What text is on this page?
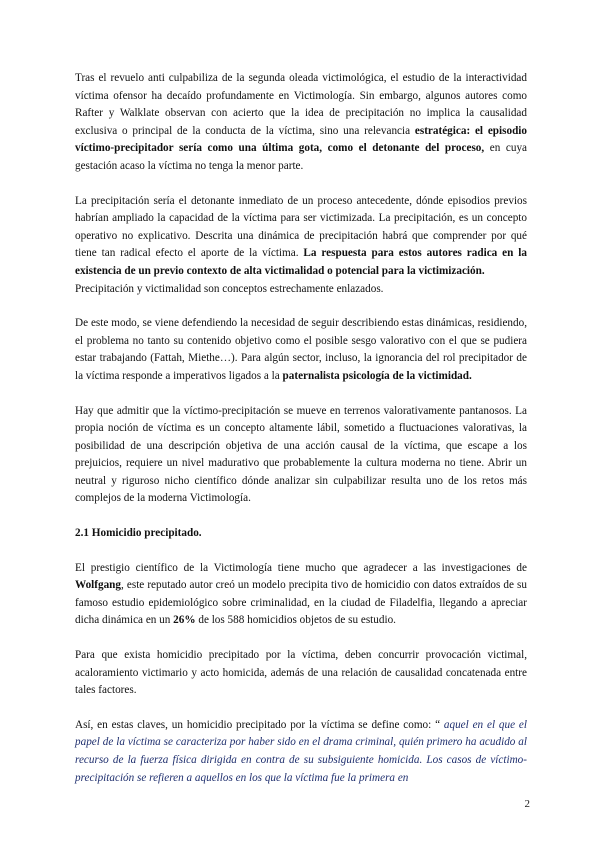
Tras el revuelo anti culpabiliza de la segunda oleada victimológica, el estudio de la interactividad víctima ofensor ha decaído profundamente en Victimología. Sin embargo, algunos autores como Rafter y Walklate observan con acierto que la idea de precipitación no implica la causalidad exclusiva o principal de la conducta de la víctima, sino una relevancia estratégica: el episodio víctimo-precipitador sería como una última gota, como el detonante del proceso, en cuya gestación acaso la víctima no tenga la menor parte.

La precipitación sería el detonante inmediato de un proceso antecedente, dónde episodios previos habrían ampliado la capacidad de la víctima para ser victimizada. La precipitación, es un concepto operativo no explicativo. Descrita una dinámica de precipitación habrá que comprender por qué tiene tan radical efecto el aporte de la víctima. La respuesta para estos autores radica en la existencia de un previo contexto de alta victimalidad o potencial para la victimización.

Precipitación y victimalidad son conceptos estrechamente enlazados.

De este modo, se viene defendiendo la necesidad de seguir describiendo estas dinámicas, residiendo, el problema no tanto su contenido objetivo como el posible sesgo valorativo con el que se pudiera estar trabajando (Fattah, Miethe…). Para algún sector, incluso, la ignorancia del rol precipitador de la víctima responde a imperativos ligados a la paternalista psicología de la victimidad.

Hay que admitir que la víctimo-precipitación se mueve en terrenos valorativamente pantanosos. La propia noción de víctima es un concepto altamente lábil, sometido a fluctuaciones valorativas, la posibilidad de una descripción objetiva de una acción causal de la víctima, que escape a los prejuicios, requiere un nivel madurativo que probablemente la cultura moderna no tiene. Abrir un neutral y riguroso nicho científico dónde analizar sin culpabilizar resulta uno de los retos más complejos de la moderna Victimología.

2.1 Homicidio precipitado.

El prestigio científico de la Victimología tiene mucho que agradecer a las investigaciones de Wolfgang, este reputado autor creó un modelo precipita tivo de homicidio con datos extraídos de su famoso estudio epidemiológico sobre criminalidad, en la ciudad de Filadelfia, llegando a apreciar dicha dinámica en un 26% de los 588 homicidios objetos de su estudio.

Para que exista homicidio precipitado por la víctima, deben concurrir provocación victimal, acaloramiento victimario y acto homicida, además de una relación de causalidad concatenada entre tales factores.

Así, en estas claves, un homicidio precipitado por la víctima se define como: “ aquel en el que el papel de la víctima se caracteriza por haber sido en el drama criminal, quién primero ha acudido al recurso de la fuerza física dirigida en contra de su subsiguiente homicida. Los casos de víctimo- precipitación se refieren a aquellos en los que la víctima fue la primera en

2
